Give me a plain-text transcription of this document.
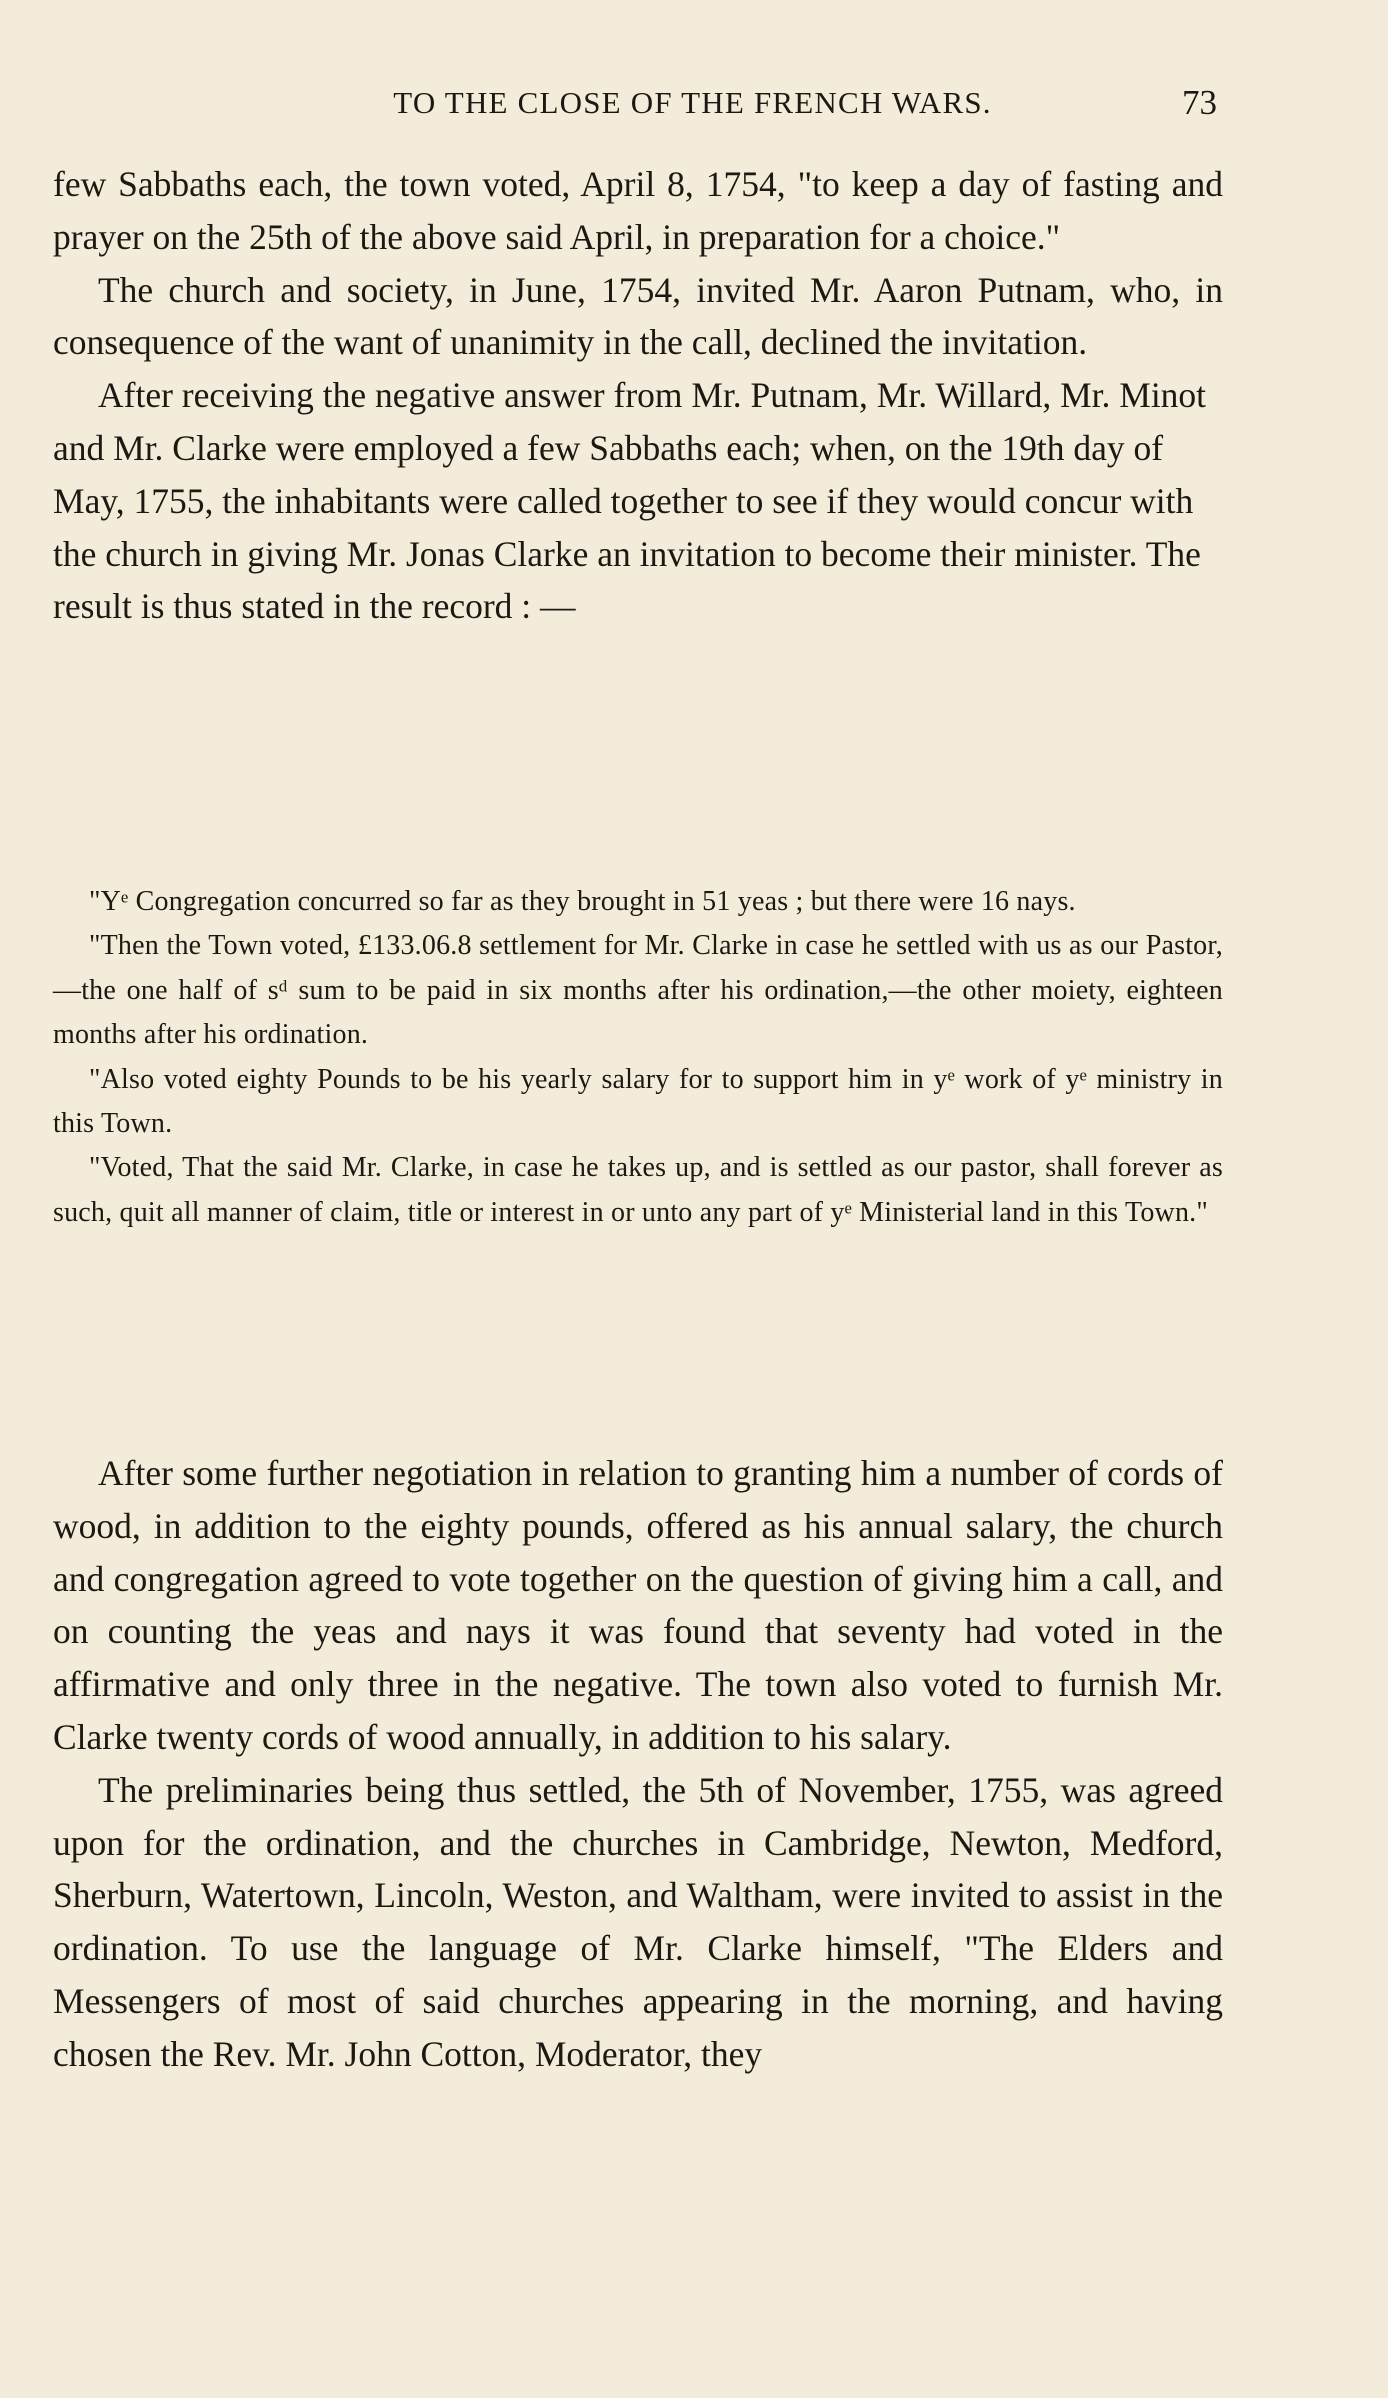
TO THE CLOSE OF THE FRENCH WARS.	73

few Sabbaths each, the town voted, April 8, 1754, "to keep a day of fasting and prayer on the 25th of the above said April, in preparation for a choice."

The church and society, in June, 1754, invited Mr. Aaron Putnam, who, in consequence of the want of unanimity in the call, declined the invitation.

After receiving the negative answer from Mr. Putnam, Mr. Willard, Mr. Minot and Mr. Clarke were employed a few Sabbaths each; when, on the 19th day of May, 1755, the inhabitants were called together to see if they would concur with the church in giving Mr. Jonas Clarke an invitation to become their minister. The result is thus stated in the record : —

"Yᵉ Congregation concurred so far as they brought in 51 yeas ; but there were 16 nays.

"Then the Town voted, £133.06.8 settlement for Mr. Clarke in case he settled with us as our Pastor,—the one half of sᵈ sum to be paid in six months after his ordination,—the other moiety, eighteen months after his ordination.

"Also voted eighty Pounds to be his yearly salary for to support him in yᵉ work of yᵉ ministry in this Town.

"Voted, That the said Mr. Clarke, in case he takes up, and is settled as our pastor, shall forever as such, quit all manner of claim, title or interest in or unto any part of yᵉ Ministerial land in this Town."

After some further negotiation in relation to granting him a number of cords of wood, in addition to the eighty pounds, offered as his annual salary, the church and congregation agreed to vote together on the question of giving him a call, and on counting the yeas and nays it was found that seventy had voted in the affirmative and only three in the negative. The town also voted to furnish Mr. Clarke twenty cords of wood annually, in addition to his salary.

The preliminaries being thus settled, the 5th of November, 1755, was agreed upon for the ordination, and the churches in Cambridge, Newton, Medford, Sherburn, Watertown, Lincoln, Weston, and Waltham, were invited to assist in the ordination. To use the language of Mr. Clarke himself, "The Elders and Messengers of most of said churches appearing in the morning, and having chosen the Rev. Mr. John Cotton, Moderator, they
